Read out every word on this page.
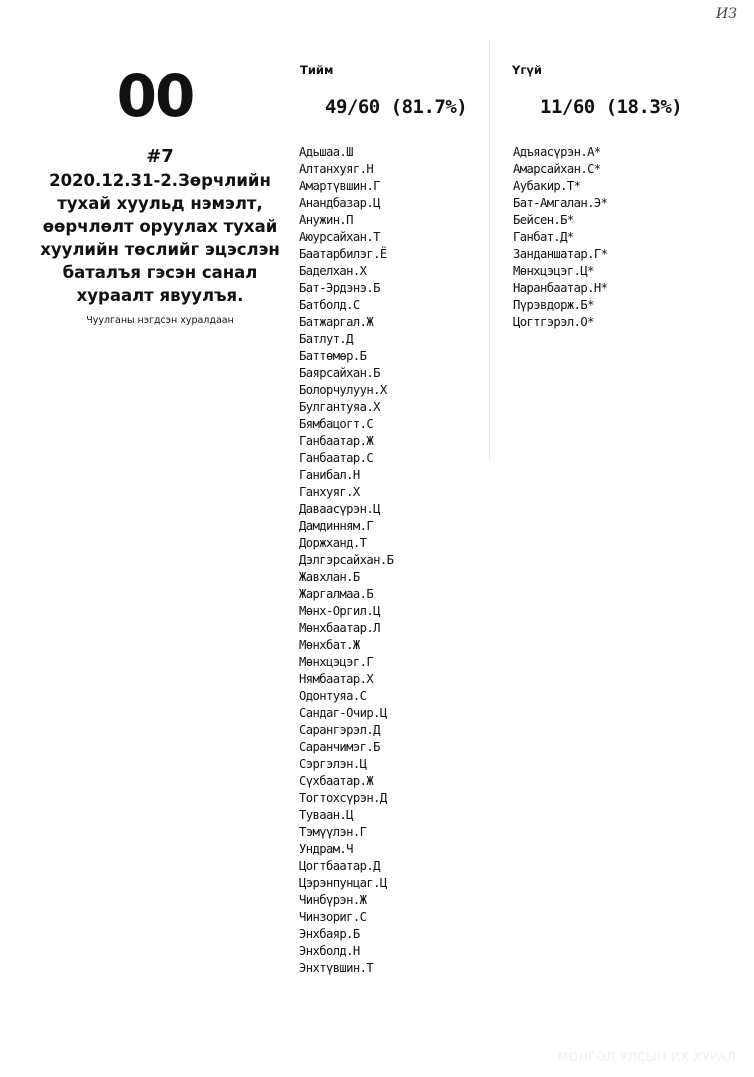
ИЗ
00
#7
2020.12.31-2.Зөрчлийн тухай хуульд нэмэлт, өөрчлөлт оруулах тухай хуулийн төслийг эцэслэн баталъя гэсэн санал хураалт явуулъя.
Чуулганы нэгдсэн хуралдаан
Тийм
49/60 (81.7%)
Үгүй
11/60 (18.3%)
Адьшаа.Ш
Алтанхуяг.Н
Амартүвшин.Г
Анандбазар.Ц
Анужин.П
Аюурсайхан.Т
Баатарбилэг.Ё
Баделхан.Х
Бат-Эрдэнэ.Б
Батболд.С
Батжаргал.Ж
Батлут.Д
Баттөмөр.Б
Баярсайхан.Б
Болорчулуун.Х
Булгантуяа.Х
Бямбацогт.С
Ганбаатар.Ж
Ганбаатар.С
Ганибал.Н
Ганхуяг.Х
Даваасүрэн.Ц
Дамдинням.Г
Доржханд.Т
Дэлгэрсайхан.Б
Жавхлан.Б
Жаргалмаа.Б
Мөнх-Оргил.Ц
Мөнхбаатар.Л
Мөнхбат.Ж
Мөнхцэцэг.Г
Нямбаатар.Х
Одонтуяа.С
Сандаг-Очир.Ц
Сарангэрэл.Д
Саранчимэг.Б
Сэргэлэн.Ц
Сүхбаатар.Ж
Тогтохсүрэн.Д
Туваан.Ц
Тэмүүлэн.Г
Ундрам.Ч
Цогтбаатар.Д
Цэрэнпунцаг.Ц
Чинбүрэн.Ж
Чинзориг.С
Энхбаяр.Б
Энхболд.Н
Энхтүвшин.Т
Адъяасүрэн.А*
Амарсайхан.С*
Аубакир.Т*
Бат-Амгалан.Э*
Бейсен.Б*
Ганбат.Д*
Занданшатар.Г*
Мөнхцэцэг.Ц*
Наранбаатар.Н*
Пүрэвдорж.Б*
Цогтгэрэл.О*
МОНГОЛ УЛСЫН ИХ ХУРАЛ
